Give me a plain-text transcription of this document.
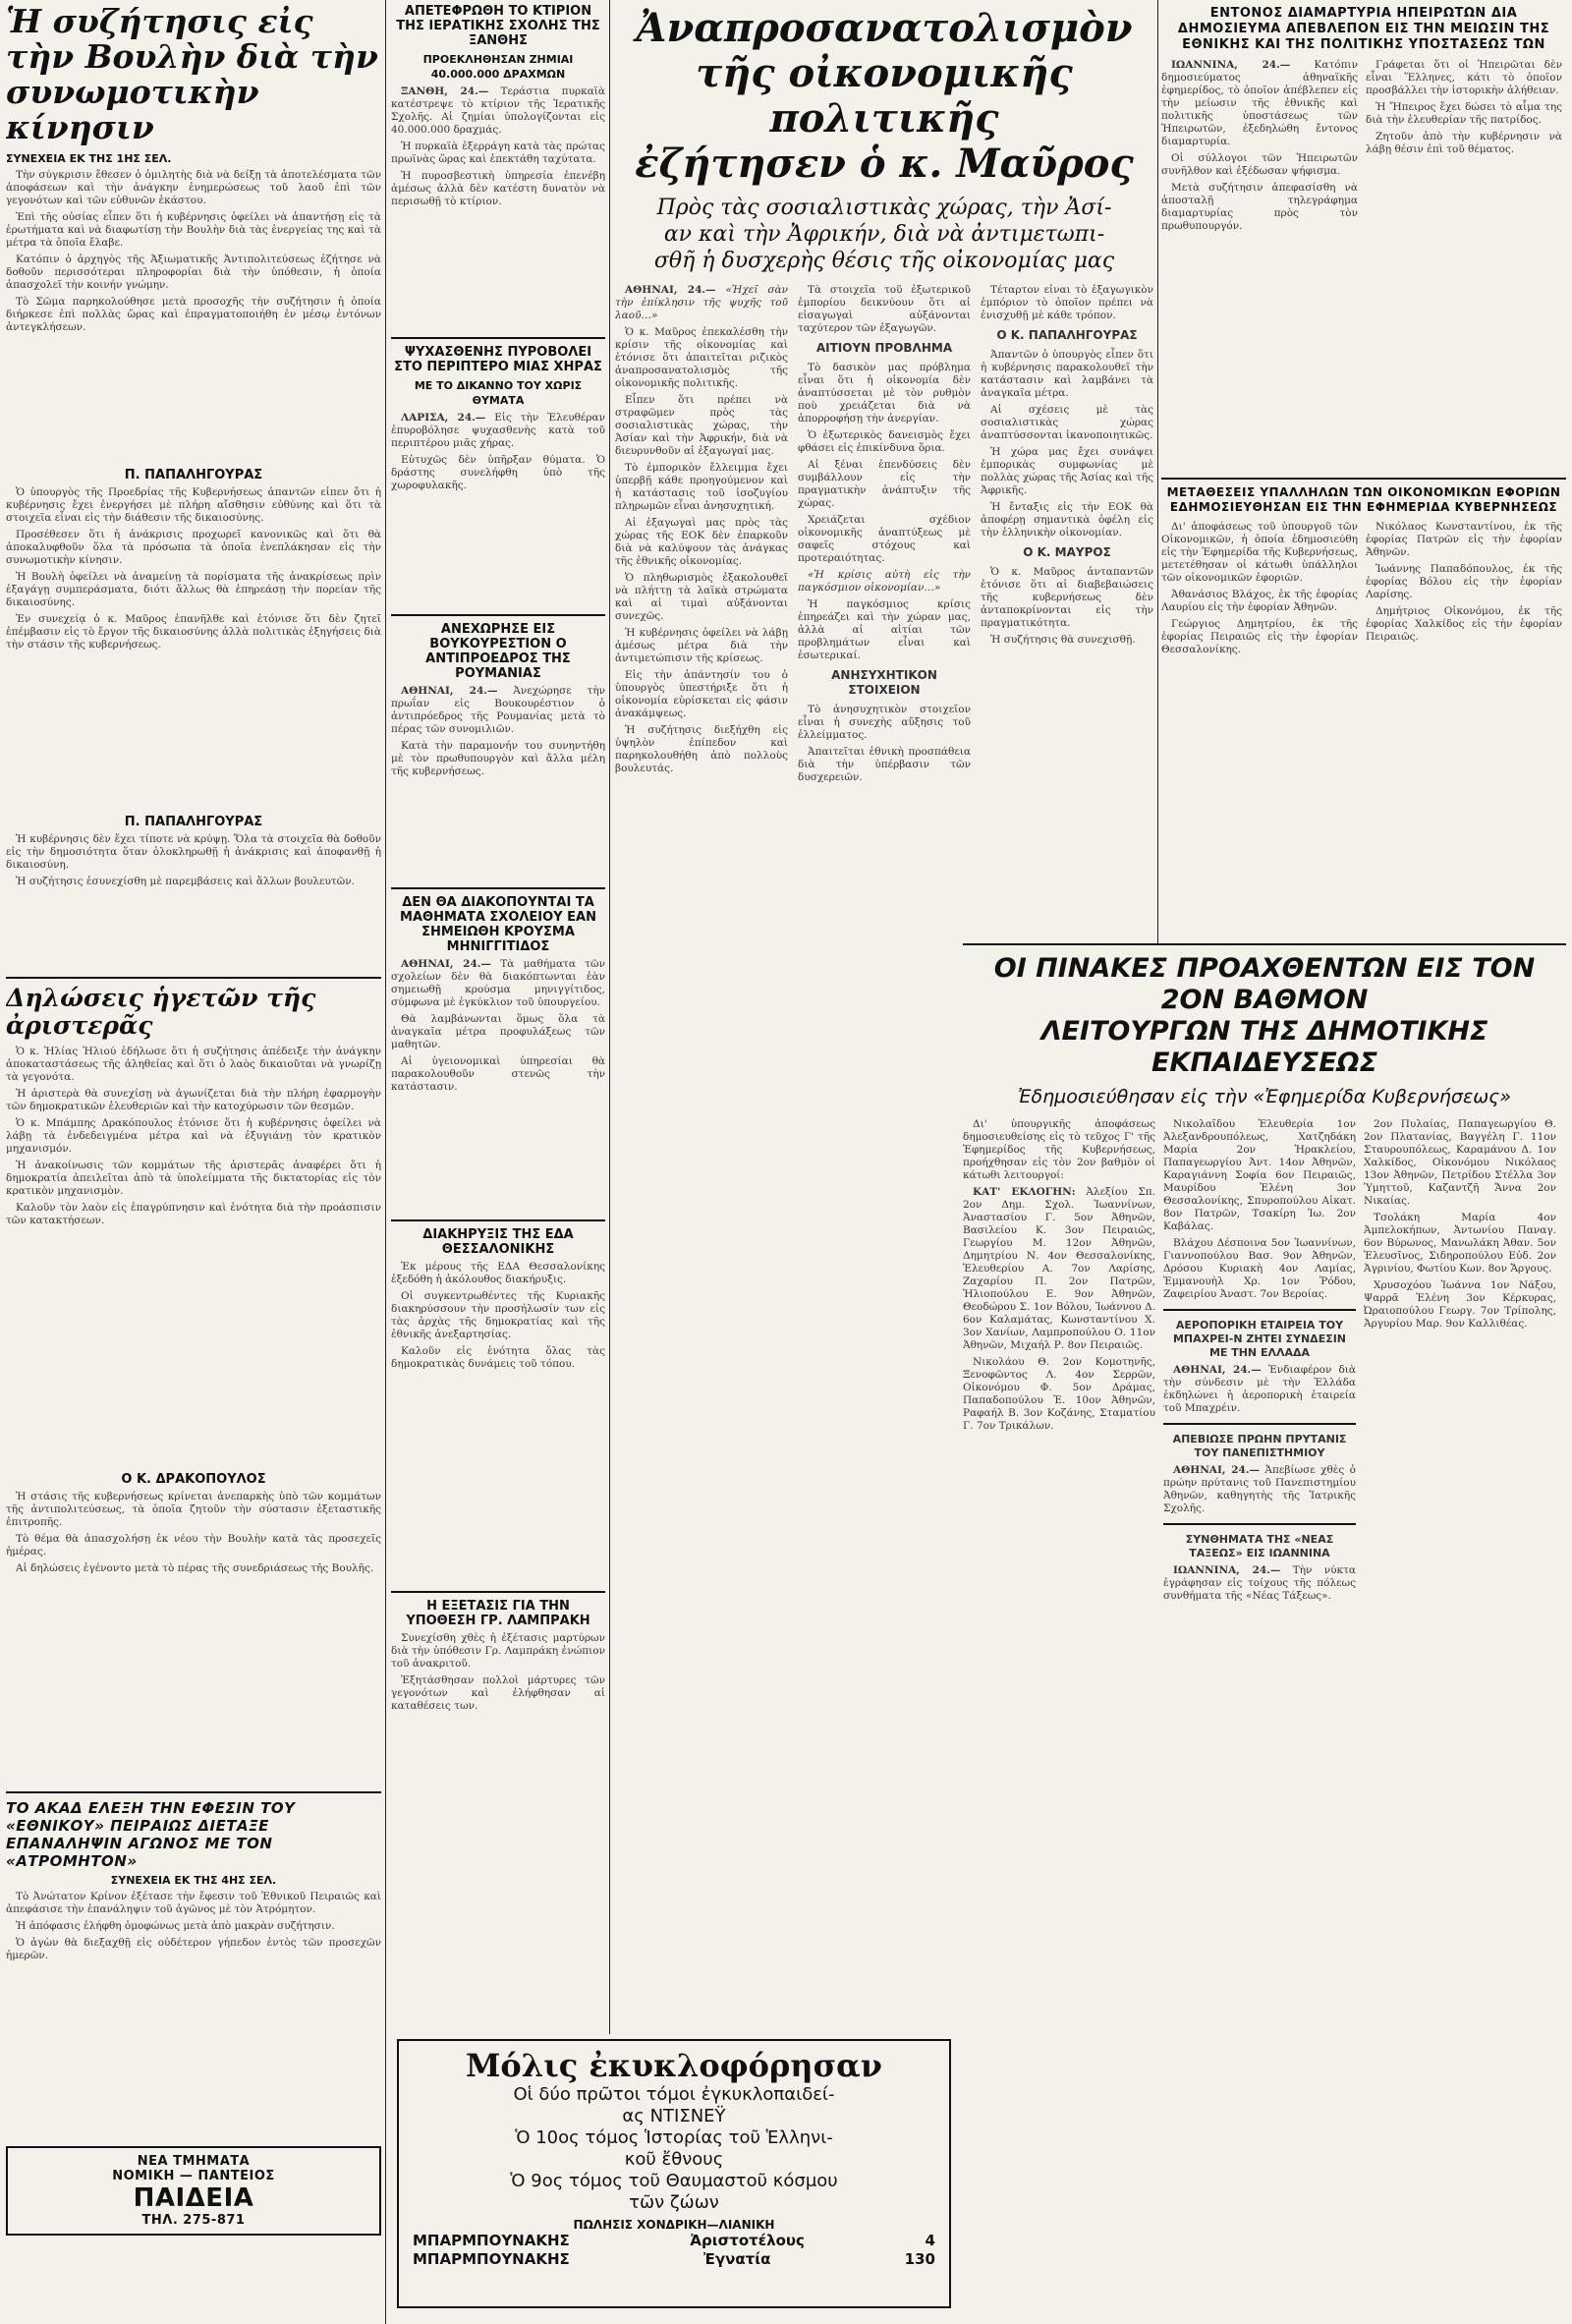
Ἡ συζήτησις εἰς τὴν Βουλὴν διὰ τὴν συνωμοτικὴν κίνησιν
ΣΥΝΕΧΕΙΑ ΕΚ ΤΗΣ 1ΗΣ ΣΕΛ.

Τὴν σύγκρισιν ἔθεσεν ὁ ὁμιλητὴς διὰ νὰ δείξῃ τὰ ἀποτελέσματα τῶν ἀποφάσεων καὶ τὴν ἀνάγκην ἐνημερώσεως τοῦ λαοῦ ἐπὶ τῶν γεγονότων καὶ τῶν εὐθυνῶν ἑκάστου.

Ἐπὶ τῆς οὐσίας εἶπεν ὅτι ἡ κυβέρνησις ὀφείλει νὰ ἀπαντήσῃ εἰς τὰ ἐρωτήματα καὶ νὰ διαφωτίσῃ τὴν Βουλὴν διὰ τὰς ἐνεργείας της καὶ τὰ μέτρα τὰ ὁποῖα ἔλαβε.

Κατόπιν ὁ ἀρχηγὸς τῆς Ἀξιωματικῆς Ἀντιπολιτεύσεως ἐζήτησε νὰ δοθοῦν περισσότεραι πληροφορίαι διὰ τὴν ὑπόθεσιν, ἡ ὁποία ἀπασχολεῖ τὴν κοινήν γνώμην.

Τὸ Σῶμα παρηκολούθησε μετὰ προσοχῆς τὴν συζήτησιν ἡ ὁποία διήρκεσε ἐπὶ πολλὰς ὥρας καὶ ἐπραγματοποιήθη ἐν μέσῳ ἐντόνων ἀντεγκλήσεων.

Π. ΠΑΠΑΛΗΓΟΥΡΑΣ

Ὁ ὑπουργὸς τῆς Προεδρίας τῆς Κυβερνήσεως ἀπαντῶν εἶπεν ὅτι ἡ κυβέρνησις ἔχει ἐνεργήσει μὲ πλήρη αἴσθησιν εὐθύνης καὶ ὅτι τὰ στοιχεῖα εἶναι εἰς τὴν διάθεσιν τῆς δικαιοσύνης.

Προσέθεσεν ὅτι ἡ ἀνάκρισις προχωρεῖ κανονικῶς καὶ ὅτι θὰ ἀποκαλυφθοῦν ὅλα τὰ πρόσωπα τὰ ὁποῖα ἐνεπλάκησαν εἰς τὴν συνωμοτικὴν κίνησιν.

Ἡ Βουλὴ ὀφείλει νὰ ἀναμείνῃ τὰ πορίσματα τῆς ἀνακρίσεως πρὶν ἐξαγάγῃ συμπεράσματα, διότι ἄλλως θὰ ἐπηρεάσῃ τὴν πορείαν τῆς δικαιοσύνης.

Ἐν συνεχείᾳ ὁ κ. Μαῦρος ἐπανῆλθε καὶ ἐτόνισε ὅτι δὲν ζητεῖ ἐπέμβασιν εἰς τὸ ἔργον τῆς δικαιοσύνης ἀλλὰ πολιτικὰς ἐξηγήσεις διὰ τὴν στάσιν τῆς κυβερνήσεως.

Π. ΠΑΠΑΛΗΓΟΥΡΑΣ

Ἡ κυβέρνησις δὲν ἔχει τίποτε νὰ κρύψῃ. Ὅλα τὰ στοιχεῖα θὰ δοθοῦν εἰς τὴν δημοσιότητα ὅταν ὁλοκληρωθῇ ἡ ἀνάκρισις καὶ ἀποφανθῇ ἡ δικαιοσύνη.

Ἡ συζήτησις ἐσυνεχίσθη μὲ παρεμβάσεις καὶ ἄλλων βουλευτῶν.

Δηλώσεις ἡγετῶν τῆς ἀριστερᾶς

Ὁ κ. Ἠλίας Ἠλιού ἐδήλωσε ὅτι ἡ συζήτησις ἀπέδειξε τὴν ἀνάγκην ἀποκαταστάσεως τῆς ἀληθείας καὶ ὅτι ὁ λαὸς δικαιοῦται νὰ γνωρίζῃ τὰ γεγονότα.

Ἡ ἀριστερὰ θὰ συνεχίσῃ νὰ ἀγωνίζεται διὰ τὴν πλήρη ἐφαρμογὴν τῶν δημοκρατικῶν ἐλευθεριῶν καὶ τὴν κατοχύρωσιν τῶν θεσμῶν.

Ὁ κ. Μπάμπης Δρακόπουλος ἐτόνισε ὅτι ἡ κυβέρνησις ὀφείλει νὰ λάβῃ τὰ ἐνδεδειγμένα μέτρα καὶ νὰ ἐξυγιάνῃ τὸν κρατικὸν μηχανισμόν.

Ἡ ἀνακοίνωσις τῶν κομμάτων τῆς ἀριστερᾶς ἀναφέρει ὅτι ἡ δημοκρατία ἀπειλεῖται ἀπὸ τὰ ὑπολείμματα τῆς δικτατορίας εἰς τὸν κρατικὸν μηχανισμὸν.

Καλοῦν τὸν λαὸν εἰς ἐπαγρύπνησιν καὶ ἑνότητα διὰ τὴν προάσπισιν τῶν κατακτήσεων.

Ο Κ. ΔΡΑΚΟΠΟΥΛΟΣ

Ἡ στάσις τῆς κυβερνήσεως κρίνεται ἀνεπαρκὴς ὑπὸ τῶν κομμάτων τῆς ἀντιπολιτεύσεως, τὰ ὁποῖα ζητοῦν τὴν σύστασιν ἐξεταστικῆς ἐπιτροπῆς.

Τὸ θέμα θὰ ἀπασχολήσῃ ἐκ νέου τὴν Βουλὴν κατὰ τὰς προσεχεῖς ἡμέρας.

Αἱ δηλώσεις ἐγένοντο μετὰ τὸ πέρας τῆς συνεδριάσεως τῆς Βουλῆς.

ΤΟ ΑΚΑΔ ΕΛΕΞΗ ΤΗΝ ΕΦΕΣΙΝ ΤΟΥ «ΕΘΝΙΚΟΥ» ΠΕΙΡΑΙΩΣ ΔΙΕΤΑΞΕ ΕΠΑΝΑΛΗΨΙΝ ΑΓΩΝΟΣ ΜΕ ΤΟΝ «ΑΤΡΟΜΗΤΟΝ»
ΣΥΝΕΧΕΙΑ ΕΚ ΤΗΣ 4ΗΣ ΣΕΛ.

Τὸ Ἀνώτατον Κρίνον ἐξέτασε τὴν ἔφεσιν τοῦ Ἐθνικοῦ Πειραιῶς καὶ ἀπεφάσισε τὴν ἐπανάληψιν τοῦ ἀγῶνος μὲ τὸν Ἀτρόμητον.

Ἡ ἀπόφασις ἐλήφθη ὁμοφώνως μετὰ ἀπὸ μακρὰν συζήτησιν.

Ὁ ἀγὼν θὰ διεξαχθῇ εἰς οὐδέτερον γήπεδον ἐντὸς τῶν προσεχῶν ἡμερῶν.

ΝΕΑ ΤΜΗΜΑΤΑ
ΝΟΜΙΚΗ — ΠΑΝΤΕΙΟΣ
ΠΑΙΔΕΙΑ
ΤΗΛ. 275-871
ΑΠΕΤΕΦΡΩΘΗ ΤΟ ΚΤΙΡΙΟΝ ΤΗΣ ΙΕΡΑΤΙΚΗΣ ΣΧΟΛΗΣ ΤΗΣ ΞΑΝΘΗΣ
ΠΡΟΕΚΛΗΘΗΣΑΝ ΖΗΜΙΑΙ 40.000.000 ΔΡΑΧΜΩΝ

ΞΑΝΘΗ, 24.— Τεράστια πυρκαϊὰ κατέστρεψε τὸ κτίριον τῆς Ἱερατικῆς Σχολῆς. Αἱ ζημίαι ὑπολογίζονται εἰς 40.000.000 δραχμάς.

Ἡ πυρκαϊὰ ἐξερράγη κατὰ τὰς πρώτας πρωϊνὰς ὥρας καὶ ἐπεκτάθη ταχύτατα.

Ἡ πυροσβεστικὴ ὑπηρεσία ἐπενέβη ἀμέσως ἀλλὰ δὲν κατέστη δυνατὸν νὰ περισωθῇ τὸ κτίριον.

ΨΥΧΑΣΘΕΝΗΣ ΠΥΡΟΒΟΛΕΙ ΣΤΟ ΠΕΡΙΠΤΕΡΟ ΜΙΑΣ ΧΗΡΑΣ
ΜΕ ΤΟ ΔΙΚΑΝΝΟ ΤΟΥ ΧΩΡΙΣ ΘΥΜΑΤΑ

ΛΑΡΙΣΑ, 24.— Εἰς τὴν Ἐλευθέραν ἐπυροβόλησε ψυχασθενὴς κατὰ τοῦ περιπτέρου μιᾶς χήρας.

Εὐτυχῶς δὲν ὑπῆρξαν θύματα. Ὁ δράστης συνελήφθη ὑπὸ τῆς χωροφυλακῆς.

ΑΝΕΧΩΡΗΣΕ ΕΙΣ ΒΟΥΚΟΥΡΕΣΤΙΟΝ Ο ΑΝΤΙΠΡΟΕΔΡΟΣ ΤΗΣ ΡΟΥΜΑΝΙΑΣ

ΑΘΗΝΑΙ, 24.— Ἀνεχώρησε τὴν πρωΐαν εἰς Βουκουρέστιον ὁ ἀντιπρόεδρος τῆς Ρουμανίας μετὰ τὸ πέρας τῶν συνομιλιῶν.

Κατὰ τὴν παραμονήν του συνηντήθη μὲ τὸν πρωθυπουργὸν καὶ ἄλλα μέλη τῆς κυβερνήσεως.

ΔΕΝ ΘΑ ΔΙΑΚΟΠΟΥΝΤΑΙ ΤΑ ΜΑΘΗΜΑΤΑ ΣΧΟΛΕΙΟΥ ΕΑΝ ΣΗΜΕΙΩΘΗ ΚΡΟΥΣΜΑ ΜΗΝΙΓΓΙΤΙΔΟΣ

ΑΘΗΝΑΙ, 24.— Τὰ μαθήματα τῶν σχολείων δὲν θὰ διακόπτωνται ἐὰν σημειωθῇ κρούσμα μηνιγγίτιδος, σύμφωνα μὲ ἐγκύκλιον τοῦ ὑπουργείου.

Θὰ λαμβάνωνται ὅμως ὅλα τὰ ἀναγκαῖα μέτρα προφυλάξεως τῶν μαθητῶν.

Αἱ ὑγειονομικαὶ ὑπηρεσίαι θὰ παρακολουθοῦν στενῶς τὴν κατάστασιν.

ΔΙΑΚΗΡΥΞΙΣ ΤΗΣ ΕΔΑ ΘΕΣΣΑΛΟΝΙΚΗΣ

Ἐκ μέρους τῆς ΕΔΑ Θεσσαλονίκης ἐξεδόθη ἡ ἀκόλουθος διακήρυξις.

Οἱ συγκεντρωθέντες τῆς Κυριακῆς διακηρύσσουν τὴν προσήλωσίν των εἰς τὰς ἀρχὰς τῆς δημοκρατίας καὶ τῆς ἐθνικῆς ἀνεξαρτησίας.

Καλοῦν εἰς ἑνότητα ὅλας τὰς δημοκρατικὰς δυνάμεις τοῦ τόπου.

Η ΕΞΕΤΑΣΙΣ ΓΙΑ ΤΗΝ ΥΠΟΘΕΣΗ ΓΡ. ΛΑΜΠΡΑΚΗ

Συνεχίσθη χθὲς ἡ ἐξέτασις μαρτύρων διὰ τὴν ὑπόθεσιν Γρ. Λαμπράκη ἐνώπιον τοῦ ἀνακριτοῦ.

Ἐξητάσθησαν πολλοὶ μάρτυρες τῶν γεγονότων καὶ ἐλήφθησαν αἱ καταθέσεις των.

Ἀναπροσανατολισμὸν
τῆς οἰκονομικῆς πολιτικῆς
ἐζήτησεν ὁ κ. Μαῦρος
Πρὸς τὰς σοσιαλιστικὰς χώρας, τὴν Ἀσί-
αν καὶ τὴν Ἀφρικήν, διὰ νὰ ἀντιμετωπι-
σθῆ ἡ δυσχερὴς θέσις τῆς οἰκονομίας μας

ΑΘΗΝΑΙ, 24.— «Ἡχεῖ σὰν τὴν ἐπίκλησιν τῆς ψυχῆς τοῦ λαοῦ…»

Ὁ κ. Μαῦρος ἐπεκαλέσθη τὴν κρίσιν τῆς οἰκονομίας καὶ ἐτόνισε ὅτι ἀπαιτεῖται ριζικὸς ἀναπροσανατολισμὸς τῆς οἰκονομικῆς πολιτικῆς.

Εἶπεν ὅτι πρέπει νὰ στραφῶμεν πρὸς τὰς σοσιαλιστικὰς χώρας, τὴν Ἀσίαν καὶ τὴν Ἀφρικήν, διὰ νὰ διευρυνθοῦν αἱ ἐξαγωγαί μας.

Τὸ ἐμπορικὸν ἔλλειμμα ἔχει ὑπερβῇ κάθε προηγούμενον καὶ ἡ κατάστασις τοῦ ἰσοζυγίου πληρωμῶν εἶναι ἀνησυχητική.

Αἱ ἐξαγωγαὶ μας πρὸς τὰς χώρας τῆς ΕΟΚ δὲν ἐπαρκοῦν διὰ νὰ καλύψουν τὰς ἀνάγκας τῆς ἐθνικῆς οἰκονομίας.

Ὁ πληθωρισμὸς ἐξακολουθεῖ νὰ πλήττῃ τὰ λαϊκὰ στρώματα καὶ αἱ τιμαὶ αὐξάνονται συνεχῶς.

Ἡ κυβέρνησις ὀφείλει νὰ λάβῃ ἀμέσως μέτρα διὰ τὴν ἀντιμετώπισιν τῆς κρίσεως.

Εἰς τὴν ἀπάντησίν του ὁ ὑπουργὸς ὑπεστήριξε ὅτι ἡ οἰκονομία εὑρίσκεται εἰς φάσιν ἀνακάμψεως.

Ἡ συζήτησις διεξήχθη εἰς ὑψηλὸν ἐπίπεδον καὶ παρηκολουθήθη ἀπὸ πολλοὺς βουλευτάς.

Τὰ στοιχεῖα τοῦ ἐξωτερικοῦ ἐμπορίου δεικνύουν ὅτι αἱ εἰσαγωγαὶ αὐξάνονται ταχύτερον τῶν ἐξαγωγῶν.

ΑΙΤΙΟΥΝ ΠΡΟΒΛΗΜΑ

Τὸ δασικὸν μας πρόβλημα εἶναι ὅτι ἡ οἰκονομία δὲν ἀναπτύσσεται μὲ τὸν ρυθμὸν ποὺ χρειάζεται διὰ νὰ ἀπορροφήσῃ τὴν ἀνεργίαν.

Ὁ ἐξωτερικὸς δανεισμὸς ἔχει φθάσει εἰς ἐπικίνδυνα ὅρια.

Αἱ ξέναι ἐπενδύσεις δὲν συμβάλλουν εἰς τὴν πραγματικὴν ἀνάπτυξιν τῆς χώρας.

Χρειάζεται σχέδιον οἰκονομικῆς ἀναπτύξεως μὲ σαφεῖς στόχους καὶ προτεραιότητας.

«Ἡ κρίσις αὐτὴ εἰς τὴν παγκόσμιον οἰκονομίαν…»

Ἡ παγκόσμιος κρίσις ἐπηρεάζει καὶ τὴν χώραν μας, ἀλλὰ αἱ αἰτίαι τῶν προβλημάτων εἶναι καὶ ἐσωτερικαί.

ΑΝΗΣΥΧΗΤΙΚΟΝ ΣΤΟΙΧΕΙΟΝ

Τὸ ἀνησυχητικὸν στοιχεῖον εἶναι ἡ συνεχὴς αὔξησις τοῦ ἐλλείμματος.

Ἀπαιτεῖται ἐθνικὴ προσπάθεια διὰ τὴν ὑπέρβασιν τῶν δυσχερειῶν.

Τέταρτον εἶναι τὸ ἐξαγωγικὸν ἐμπόριον τὸ ὁποῖον πρέπει νὰ ἐνισχυθῇ μὲ κάθε τρόπον.

Ο Κ. ΠΑΠΑΛΗΓΟΥΡΑΣ

Ἀπαντῶν ὁ ὑπουργὸς εἶπεν ὅτι ἡ κυβέρνησις παρακολουθεῖ τὴν κατάστασιν καὶ λαμβάνει τὰ ἀναγκαῖα μέτρα.

Αἱ σχέσεις μὲ τὰς σοσιαλιστικὰς χώρας ἀναπτύσσονται ἱκανοποιητικῶς.

Ἡ χώρα μας ἔχει συνάψει ἐμπορικὰς συμφωνίας μὲ πολλὰς χώρας τῆς Ἀσίας καὶ τῆς Ἀφρικῆς.

Ἡ ἔνταξις εἰς τὴν ΕΟΚ θὰ ἀποφέρῃ σημαντικὰ ὀφέλη εἰς τὴν ἑλληνικὴν οἰκονομίαν.

Ο Κ. ΜΑΥΡΟΣ

Ὁ κ. Μαῦρος ἀνταπαντῶν ἐτόνισε ὅτι αἱ διαβεβαιώσεις τῆς κυβερνήσεως δὲν ἀνταποκρίνονται εἰς τὴν πραγματικότητα.

Ἡ συζήτησις θὰ συνεχισθῇ.

ΕΝΤΟΝΟΣ ΔΙΑΜΑΡΤΥΡΙΑ ΗΠΕΙΡΩΤΩΝ ΔΙΑ ΔΗΜΟΣΙΕΥΜΑ ΑΠΕΒΛΕΠΟΝ ΕΙΣ ΤΗΝ ΜΕΙΩΣΙΝ ΤΗΣ ΕΘΝΙΚΗΣ ΚΑΙ ΤΗΣ ΠΟΛΙΤΙΚΗΣ ΥΠΟΣΤΑΣΕΩΣ ΤΩΝ

ΙΩΑΝΝΙΝΑ, 24.— Κατόπιν δημοσιεύματος ἀθηναϊκῆς ἐφημερίδος, τὸ ὁποῖον ἀπέβλεπεν εἰς τὴν μείωσιν τῆς ἐθνικῆς καὶ πολιτικῆς ὑποστάσεως τῶν Ἠπειρωτῶν, ἐξεδηλώθη ἔντονος διαμαρτυρία.

Οἱ σύλλογοι τῶν Ἠπειρωτῶν συνῆλθον καὶ ἐξέδωσαν ψήφισμα.

Μετὰ συζήτησιν ἀπεφασίσθη νὰ ἀποσταλῇ τηλεγράφημα διαμαρτυρίας πρὸς τὸν πρωθυπουργόν.

Γράφεται ὅτι οἱ Ἠπειρῶται δὲν εἶναι Ἕλληνες, κάτι τὸ ὁποῖον προσβάλλει τὴν ἱστορικὴν ἀλήθειαν.

Ἡ Ἤπειρος ἔχει δώσει τὸ αἷμα της διὰ τὴν ἐλευθερίαν τῆς πατρίδος.

Ζητοῦν ἀπὸ τὴν κυβέρνησιν νὰ λάβῃ θέσιν ἐπὶ τοῦ θέματος.

ΜΕΤΑΘΕΣΕΙΣ ΥΠΑΛΛΗΛΩΝ ΤΩΝ ΟΙΚΟΝΟΜΙΚΩΝ ΕΦΟΡΙΩΝ ΕΔΗΜΟΣΙΕΥΘΗΣΑΝ ΕΙΣ ΤΗΝ ΕΦΗΜΕΡΙΔΑ ΚΥΒΕΡΝΗΣΕΩΣ

Δι' ἀποφάσεως τοῦ ὑπουργοῦ τῶν Οἰκονομικῶν, ἡ ὁποία ἐδημοσιεύθη εἰς τὴν Ἐφημερίδα τῆς Κυβερνήσεως, μετετέθησαν οἱ κάτωθι ὑπάλληλοι τῶν οἰκονομικῶν ἐφοριῶν.

Ἀθανάσιος Βλάχος, ἐκ τῆς ἐφορίας Λαυρίου εἰς τὴν ἐφορίαν Ἀθηνῶν.

Γεώργιος Δημητρίου, ἐκ τῆς ἐφορίας Πειραιῶς εἰς τὴν ἐφορίαν Θεσσαλονίκης.

Νικόλαος Κωνσταντίνου, ἐκ τῆς ἐφορίας Πατρῶν εἰς τὴν ἐφορίαν Ἀθηνῶν.

Ἰωάννης Παπαδόπουλος, ἐκ τῆς ἐφορίας Βόλου εἰς τὴν ἐφορίαν Λαρίσης.

Δημήτριος Οἰκονόμου, ἐκ τῆς ἐφορίας Χαλκίδος εἰς τὴν ἐφορίαν Πειραιῶς.

ΟΙ ΠΙΝΑΚΕΣ ΠΡΟΑΧΘΕΝΤΩΝ ΕΙΣ ΤΟΝ 2ΟΝ ΒΑΘΜΟΝ
ΛΕΙΤΟΥΡΓΩΝ ΤΗΣ ΔΗΜΟΤΙΚΗΣ ΕΚΠΑΙΔΕΥΣΕΩΣ
Ἐδημοσιεύθησαν εἰς τὴν «Ἐφημερίδα Κυβερνήσεως»

Δι' ὑπουργικῆς ἀποφάσεως δημοσιευθείσης εἰς τὸ τεῦχος Γ' τῆς Ἐφημερίδος τῆς Κυβερνήσεως, προήχθησαν εἰς τὸν 2ον βαθμὸν οἱ κάτωθι λειτουργοί:

ΚΑΤ' ΕΚΛΟΓΗΝ: Ἀλεξίου Σπ. 2ον Δημ. Σχολ. Ἰωαννίνων, Ἀναστασίου Γ. 5ον Ἀθηνῶν, Βασιλείου Κ. 3ον Πειραιῶς, Γεωργίου Μ. 12ον Ἀθηνῶν, Δημητρίου Ν. 4ον Θεσσαλονίκης, Ἐλευθερίου Α. 7ον Λαρίσης, Ζαχαρίου Π. 2ον Πατρῶν, Ἠλιοπούλου Ε. 9ον Ἀθηνῶν, Θεοδώρου Σ. 1ον Βόλου, Ἰωάννου Δ. 6ον Καλαμάτας, Κωνσταντίνου Χ. 3ον Χανίων, Λαμπροπούλου Ο. 11ον Ἀθηνῶν, Μιχαήλ Ρ. 8ον Πειραιῶς.

Νικολάου Θ. 2ον Κομοτηνῆς, Ξενοφῶντος Λ. 4ον Σερρῶν, Οἰκονόμου Φ. 5ον Δράμας, Παπαδοπούλου Ἑ. 10ον Ἀθηνῶν, Ραφαήλ Β. 3ον Κοζάνης, Σταματίου Γ. 7ον Τρικάλων.

Νικολαΐδου Ἐλευθερία 1ον Ἀλεξανδρουπόλεως, Χατζηδάκη Μαρία 2ον Ἡρακλείου, Παπαγεωργίου Ἀντ. 14ον Ἀθηνῶν, Καραγιάννη Σοφία 6ον Πειραιῶς, Μαυρίδου Ἑλένη 3ον Θεσσαλονίκης, Σπυροπούλου Αἰκατ. 8ον Πατρῶν, Τσακίρη Ἰω. 2ον Καβάλας.

Βλάχου Δέσποινα 5ον Ἰωαννίνων, Γιαννοπούλου Βασ. 9ον Ἀθηνῶν, Δρόσου Κυριακὴ 4ον Λαμίας, Ἐμμανουὴλ Χρ. 1ον Ῥόδου, Ζαφειρίου Ἀναστ. 7ον Βεροίας.

ΑΕΡΟΠΟΡΙΚΗ ΕΤΑΙΡΕΙΑ ΤΟΥ ΜΠΑΧΡΕΙ-Ν ΖΗΤΕΙ ΣΥΝΔΕΣΙΝ ΜΕ ΤΗΝ ΕΛΛΑΔΑ

ΑΘΗΝΑΙ, 24.— Ἐνδιαφέρον διὰ τὴν σύνδεσιν μὲ τὴν Ἑλλάδα ἐκδηλώνει ἡ ἀεροπορικὴ ἑταιρεία τοῦ Μπαχρέιν.

ΑΠΕΒΙΩΣΕ ΠΡΩΗΝ ΠΡΥΤΑΝΙΣ ΤΟΥ ΠΑΝΕΠΙΣΤΗΜΙΟΥ

ΑΘΗΝΑΙ, 24.— Ἀπεβίωσε χθὲς ὁ πρώην πρύτανις τοῦ Πανεπιστημίου Ἀθηνῶν, καθηγητὴς τῆς Ἰατρικῆς Σχολῆς.

ΣΥΝΘΗΜΑΤΑ ΤΗΣ «ΝΕΑΣ ΤΑΞΕΩΣ» ΕΙΣ ΙΩΑΝΝΙΝΑ

ΙΩΑΝΝΙΝΑ, 24.— Τὴν νύκτα ἐγράφησαν εἰς τοίχους τῆς πόλεως συνθήματα τῆς «Νέας Τάξεως».

2ον Πυλαίας, Παπαγεωργίου Θ. 2ον Πλατανίας, Βαγγέλη Γ. 11ον Σταυρουπόλεως, Καραμάνου Δ. 1ον Χαλκίδος, Οἰκονόμου Νικόλαος 13ον Ἀθηνῶν, Πετρίδου Στέλλα 3ον Ὑμηττοῦ, Καζαντζῆ Ἄννα 2ον Νικαίας.

Τσολάκη Μαρία 4ον Ἀμπελοκήπων, Ἀντωνίου Παναγ. 6ον Βύρωνος, Μανωλάκη Ἀθαν. 5ον Ἐλευσῖνος, Σιδηροπούλου Εὐδ. 2ον Ἀγρινίου, Φωτίου Κων. 8ον Ἄργους.

Χρυσοχόου Ἰωάννα 1ον Νάξου, Ψαρρᾶ Ἐλένη 3ον Κέρκυρας, Ὠραιοπούλου Γεωργ. 7ον Τρίπολης, Ἀργυρίου Μαρ. 9ον Καλλιθέας.

Μόλις ἐκυκλοφόρησαν
Οἱ δύο πρῶτοι τόμοι ἐγκυκλοπαιδεί-
ας ΝΤΙΣΝΕΫ
Ὁ 10ος τόμος Ἱστορίας τοῦ Ἑλληνι-
κοῦ ἔθνους
Ὁ 9ος τόμος τοῦ Θαυμαστοῦ κόσμου
τῶν ζώων
ΠΩΛΗΣΙΣ ΧΟΝΔΡΙΚΗ—ΛΙΑΝΙΚΗ
ΜΠΑΡΜΠΟΥΝΑΚΗΣ	Ἀριστοτέλους	4
ΜΠΑΡΜΠΟΥΝΑΚΗΣ	Ἐγνατία	130
